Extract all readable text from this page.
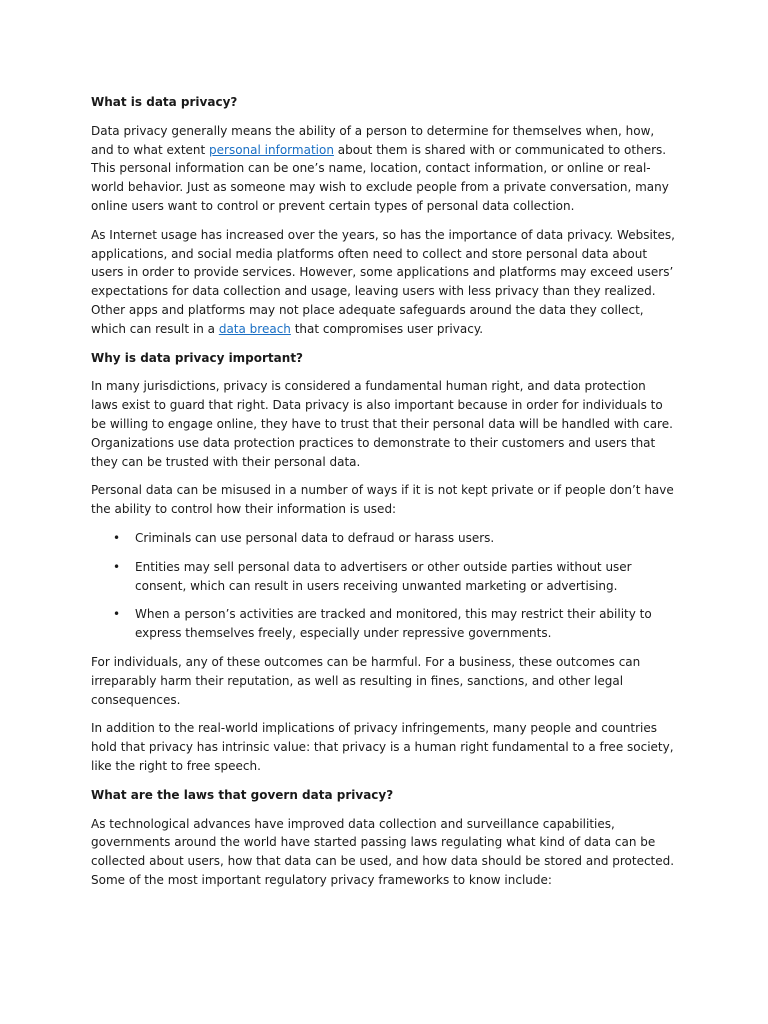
What is data privacy?

Data privacy generally means the ability of a person to determine for themselves when, how, and to what extent personal information about them is shared with or communicated to others. This personal information can be one’s name, location, contact information, or online or real-world behavior. Just as someone may wish to exclude people from a private conversation, many online users want to control or prevent certain types of personal data collection.

As Internet usage has increased over the years, so has the importance of data privacy. Websites, applications, and social media platforms often need to collect and store personal data about users in order to provide services. However, some applications and platforms may exceed users’ expectations for data collection and usage, leaving users with less privacy than they realized. Other apps and platforms may not place adequate safeguards around the data they collect, which can result in a data breach that compromises user privacy.

Why is data privacy important?

In many jurisdictions, privacy is considered a fundamental human right, and data protection laws exist to guard that right. Data privacy is also important because in order for individuals to be willing to engage online, they have to trust that their personal data will be handled with care. Organizations use data protection practices to demonstrate to their customers and users that they can be trusted with their personal data.

Personal data can be misused in a number of ways if it is not kept private or if people don’t have the ability to control how their information is used:

• Criminals can use personal data to defraud or harass users.
• Entities may sell personal data to advertisers or other outside parties without user consent, which can result in users receiving unwanted marketing or advertising.
• When a person’s activities are tracked and monitored, this may restrict their ability to express themselves freely, especially under repressive governments.

For individuals, any of these outcomes can be harmful. For a business, these outcomes can irreparably harm their reputation, as well as resulting in fines, sanctions, and other legal consequences.

In addition to the real-world implications of privacy infringements, many people and countries hold that privacy has intrinsic value: that privacy is a human right fundamental to a free society, like the right to free speech.

What are the laws that govern data privacy?

As technological advances have improved data collection and surveillance capabilities, governments around the world have started passing laws regulating what kind of data can be collected about users, how that data can be used, and how data should be stored and protected. Some of the most important regulatory privacy frameworks to know include:
